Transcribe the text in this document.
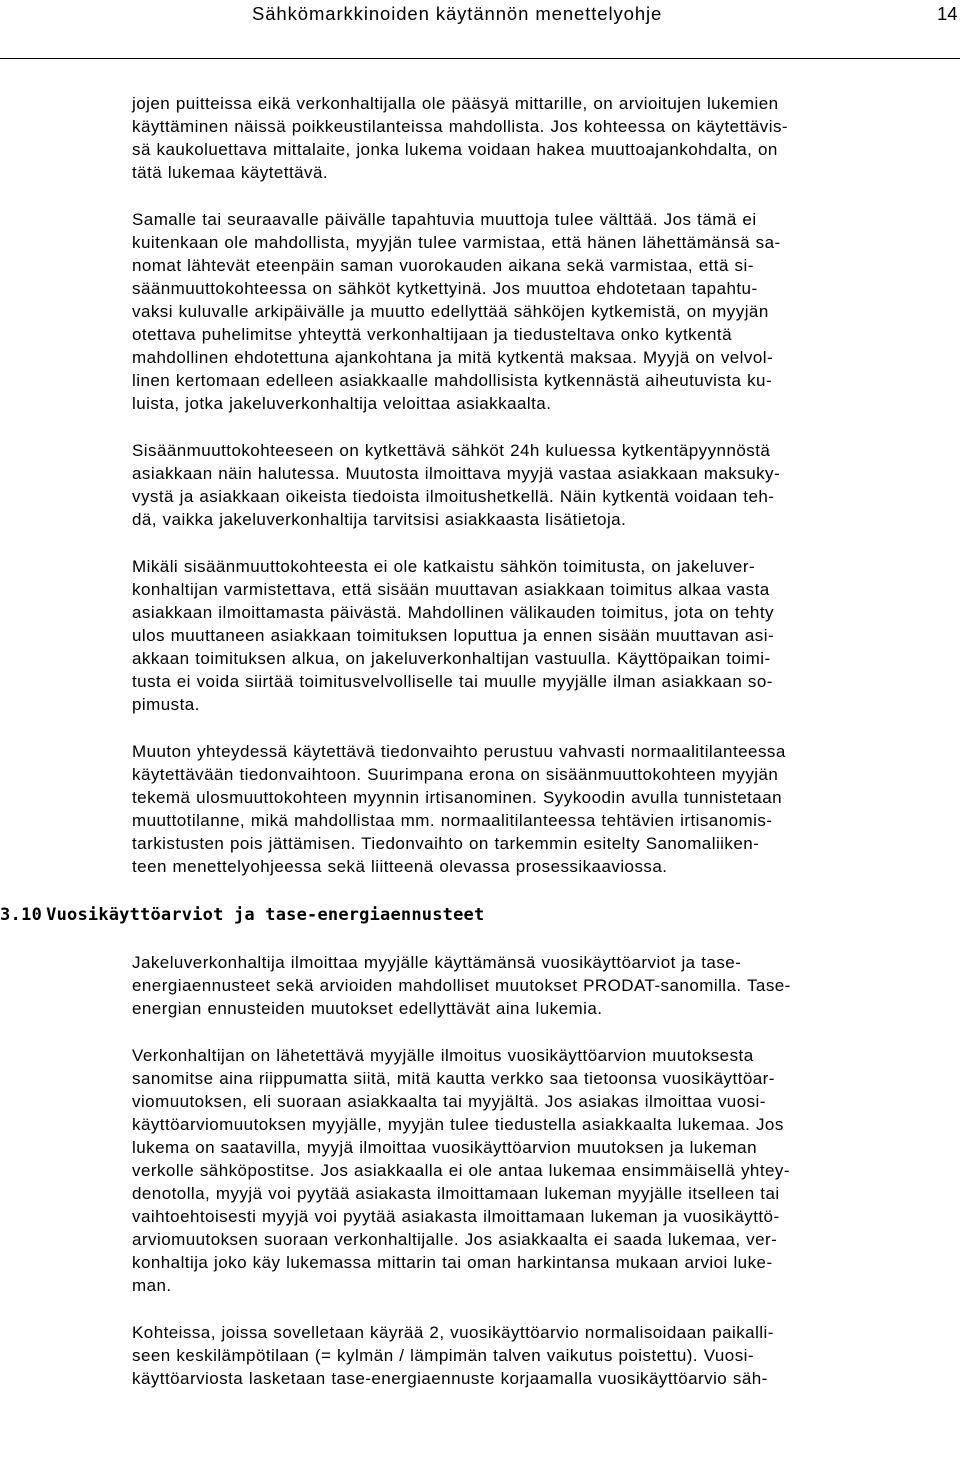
Sähkömarkkinoiden käytännön menettelyohje	14
jojen puitteissa eikä verkonhaltijalla ole pääsyä mittarille, on arvioitujen lukemien
käyttäminen näissä poikkeustilanteissa mahdollista. Jos kohteessa on käytettävis-
sä kaukoluettava mittalaite, jonka lukema voidaan hakea muuttoajankohdalta, on
tätä lukemaa käytettävä.
Samalle tai seuraavalle päivälle tapahtuvia muuttoja tulee välttää. Jos tämä ei
kuitenkaan ole mahdollista, myyjän tulee varmistaa, että hänen lähettämänsä sa-
nomat lähtevät eteenpäin saman vuorokauden aikana sekä varmistaa, että si-
säänmuuttokohteessa on sähköt kytkettyinä. Jos muuttoa ehdotetaan tapahtu-
vaksi kuluvalle arkipäivälle ja muutto edellyttää sähköjen kytkemistä, on myyjän
otettava puhelimitse yhteyttä verkonhaltijaan ja tiedusteltava onko kytkentä
mahdollinen ehdotettuna ajankohtana ja mitä kytkentä maksaa. Myyjä on velvol-
linen kertomaan edelleen asiakkaalle mahdollisista kytkennästä aiheutuvista ku-
luista, jotka jakeluverkonhaltija veloittaa asiakkaalta.
Sisäänmuuttokohteeseen on kytkettävä sähköt 24h kuluessa kytkentäpyynnöstä
asiakkaan näin halutessa. Muutosta ilmoittava myyjä vastaa asiakkaan maksuky-
vystä ja asiakkaan oikeista tiedoista ilmoitushetkellä. Näin kytkentä voidaan teh-
dä, vaikka jakeluverkonhaltija tarvitsisi asiakkaasta lisätietoja.
Mikäli sisäänmuuttokohteesta ei ole katkaistu sähkön toimitusta, on jakeluver-
konhaltijan varmistettava, että sisään muuttavan asiakkaan toimitus alkaa vasta
asiakkaan ilmoittamasta päivästä. Mahdollinen välikauden toimitus, jota on tehty
ulos muuttaneen asiakkaan toimituksen loputtua ja ennen sisään muuttavan asi-
akkaan toimituksen alkua, on jakeluverkonhaltijan vastuulla. Käyttöpaikan toimi-
tusta ei voida siirtää toimitusvelvolliselle tai muulle myyjälle ilman asiakkaan so-
pimusta.
Muuton yhteydessä käytettävä tiedonvaihto perustuu vahvasti normaalitilanteessa
käytettävään tiedonvaihtoon. Suurimpana erona on sisäänmuuttokohteen myyjän
tekemä ulosmuuttokohteen myynnin irtisanominen. Syykoodin avulla tunnistetaan
muuttotilanne, mikä mahdollistaa mm. normaalitilanteessa tehtävien irtisanomis-
tarkistusten pois jättämisen. Tiedonvaihto on tarkemmin esitelty Sanomaliiken-
teen menettelyohjeessa sekä liitteenä olevassa prosessikaaviossa.
3.10 Vuosikäyttöarviot ja tase-energiaennusteet
Jakeluverkonhaltija ilmoittaa myyjälle käyttämänsä vuosikäyttöarviot ja tase-
energiaennusteet sekä arvioiden mahdolliset muutokset PRODAT-sanomilla. Tase-
energian ennusteiden muutokset edellyttävät aina lukemia.
Verkonhaltijan on lähetettävä myyjälle ilmoitus vuosikäyttöarvion muutoksesta
sanomitse aina riippumatta siitä, mitä kautta verkko saa tietoonsa vuosikäyttöar-
viomuutoksen, eli suoraan asiakkaalta tai myyjältä. Jos asiakas ilmoittaa vuosi-
käyttöarviomuutoksen myyjälle, myyjän tulee tiedustella asiakkaalta lukemaa. Jos
lukema on saatavilla, myyjä ilmoittaa vuosikäyttöarvion muutoksen ja lukeman
verkolle sähköpostitse. Jos asiakkaalla ei ole antaa lukemaa ensimmäisellä yhtey-
denotolla, myyjä voi pyytää asiakasta ilmoittamaan lukeman myyjälle itselleen tai
vaihtoehtoisesti myyjä voi pyytää asiakasta ilmoittamaan lukeman ja vuosikäyttö-
arviomuutoksen suoraan verkonhaltijalle. Jos asiakkaalta ei saada lukemaa, ver-
konhaltija joko käy lukemassa mittarin tai oman harkintansa mukaan arvioi luke-
man.
Kohteissa, joissa sovelletaan käyrää 2, vuosikäyttöarvio normalisoidaan paikalli-
seen keskilämpötilaan (= kylmän / lämpimän talven vaikutus poistettu). Vuosi-
käyttöarviosta lasketaan tase-energiaennuste korjaamalla vuosikäyttöarvio säh-
